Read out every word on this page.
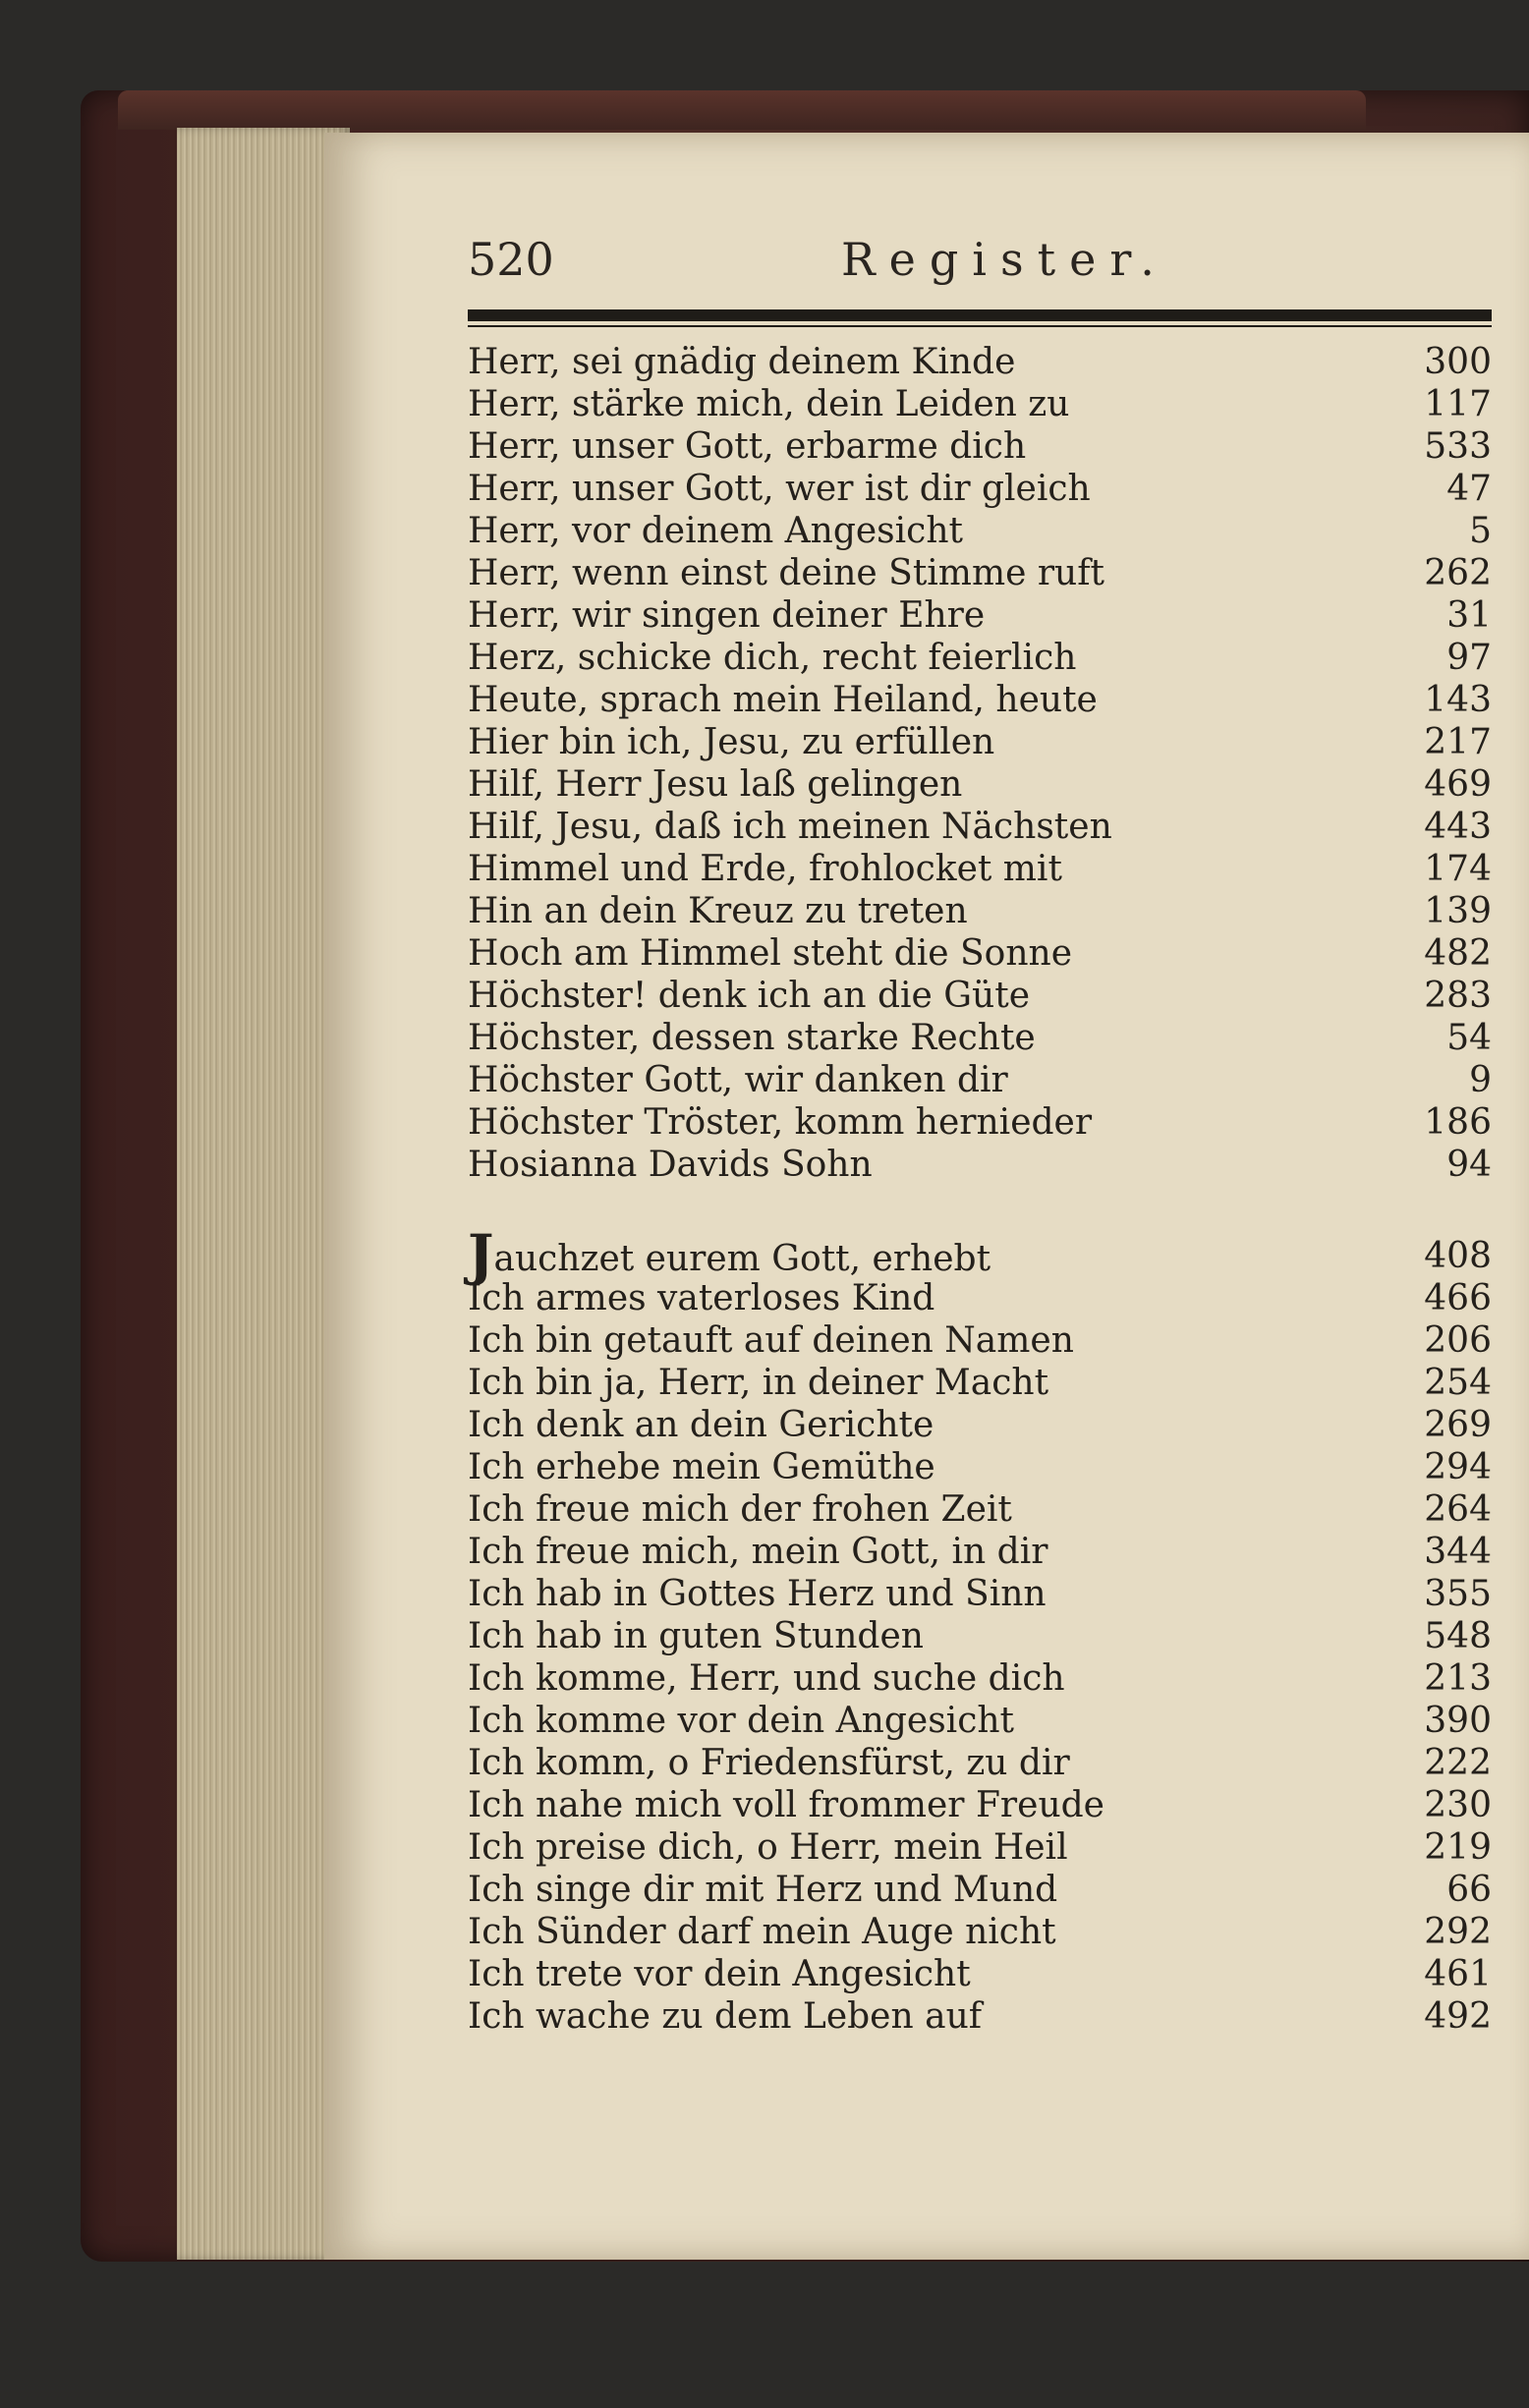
520	Register.
Herr, sei gnädig deinem Kinde	300
Herr, stärke mich, dein Leiden zu	117
Herr, unser Gott, erbarme dich	533
Herr, unser Gott, wer ist dir gleich	47
Herr, vor deinem Angesicht	5
Herr, wenn einst deine Stimme ruft	262
Herr, wir singen deiner Ehre	31
Herz, schicke dich, recht feierlich	97
Heute, sprach mein Heiland, heute	143
Hier bin ich, Jesu, zu erfüllen	217
Hilf, Herr Jesu laß gelingen	469
Hilf, Jesu, daß ich meinen Nächsten	443
Himmel und Erde, frohlocket mit	174
Hin an dein Kreuz zu treten	139
Hoch am Himmel steht die Sonne	482
Höchster! denk ich an die Güte	283
Höchster, dessen starke Rechte	54
Höchster Gott, wir danken dir	9
Höchster Tröster, komm hernieder	186
Hosianna Davids Sohn	94
Jauchzet eurem Gott, erhebt	408
Ich armes vaterloses Kind	466
Ich bin getauft auf deinen Namen	206
Ich bin ja, Herr, in deiner Macht	254
Ich denk an dein Gerichte	269
Ich erhebe mein Gemüthe	294
Ich freue mich der frohen Zeit	264
Ich freue mich, mein Gott, in dir	344
Ich hab in Gottes Herz und Sinn	355
Ich hab in guten Stunden	548
Ich komme, Herr, und suche dich	213
Ich komme vor dein Angesicht	390
Ich komm, o Friedensfürst, zu dir	222
Ich nahe mich voll frommer Freude	230
Ich preise dich, o Herr, mein Heil	219
Ich singe dir mit Herz und Mund	66
Ich Sünder darf mein Auge nicht	292
Ich trete vor dein Angesicht	461
Ich wache zu dem Leben auf	492
